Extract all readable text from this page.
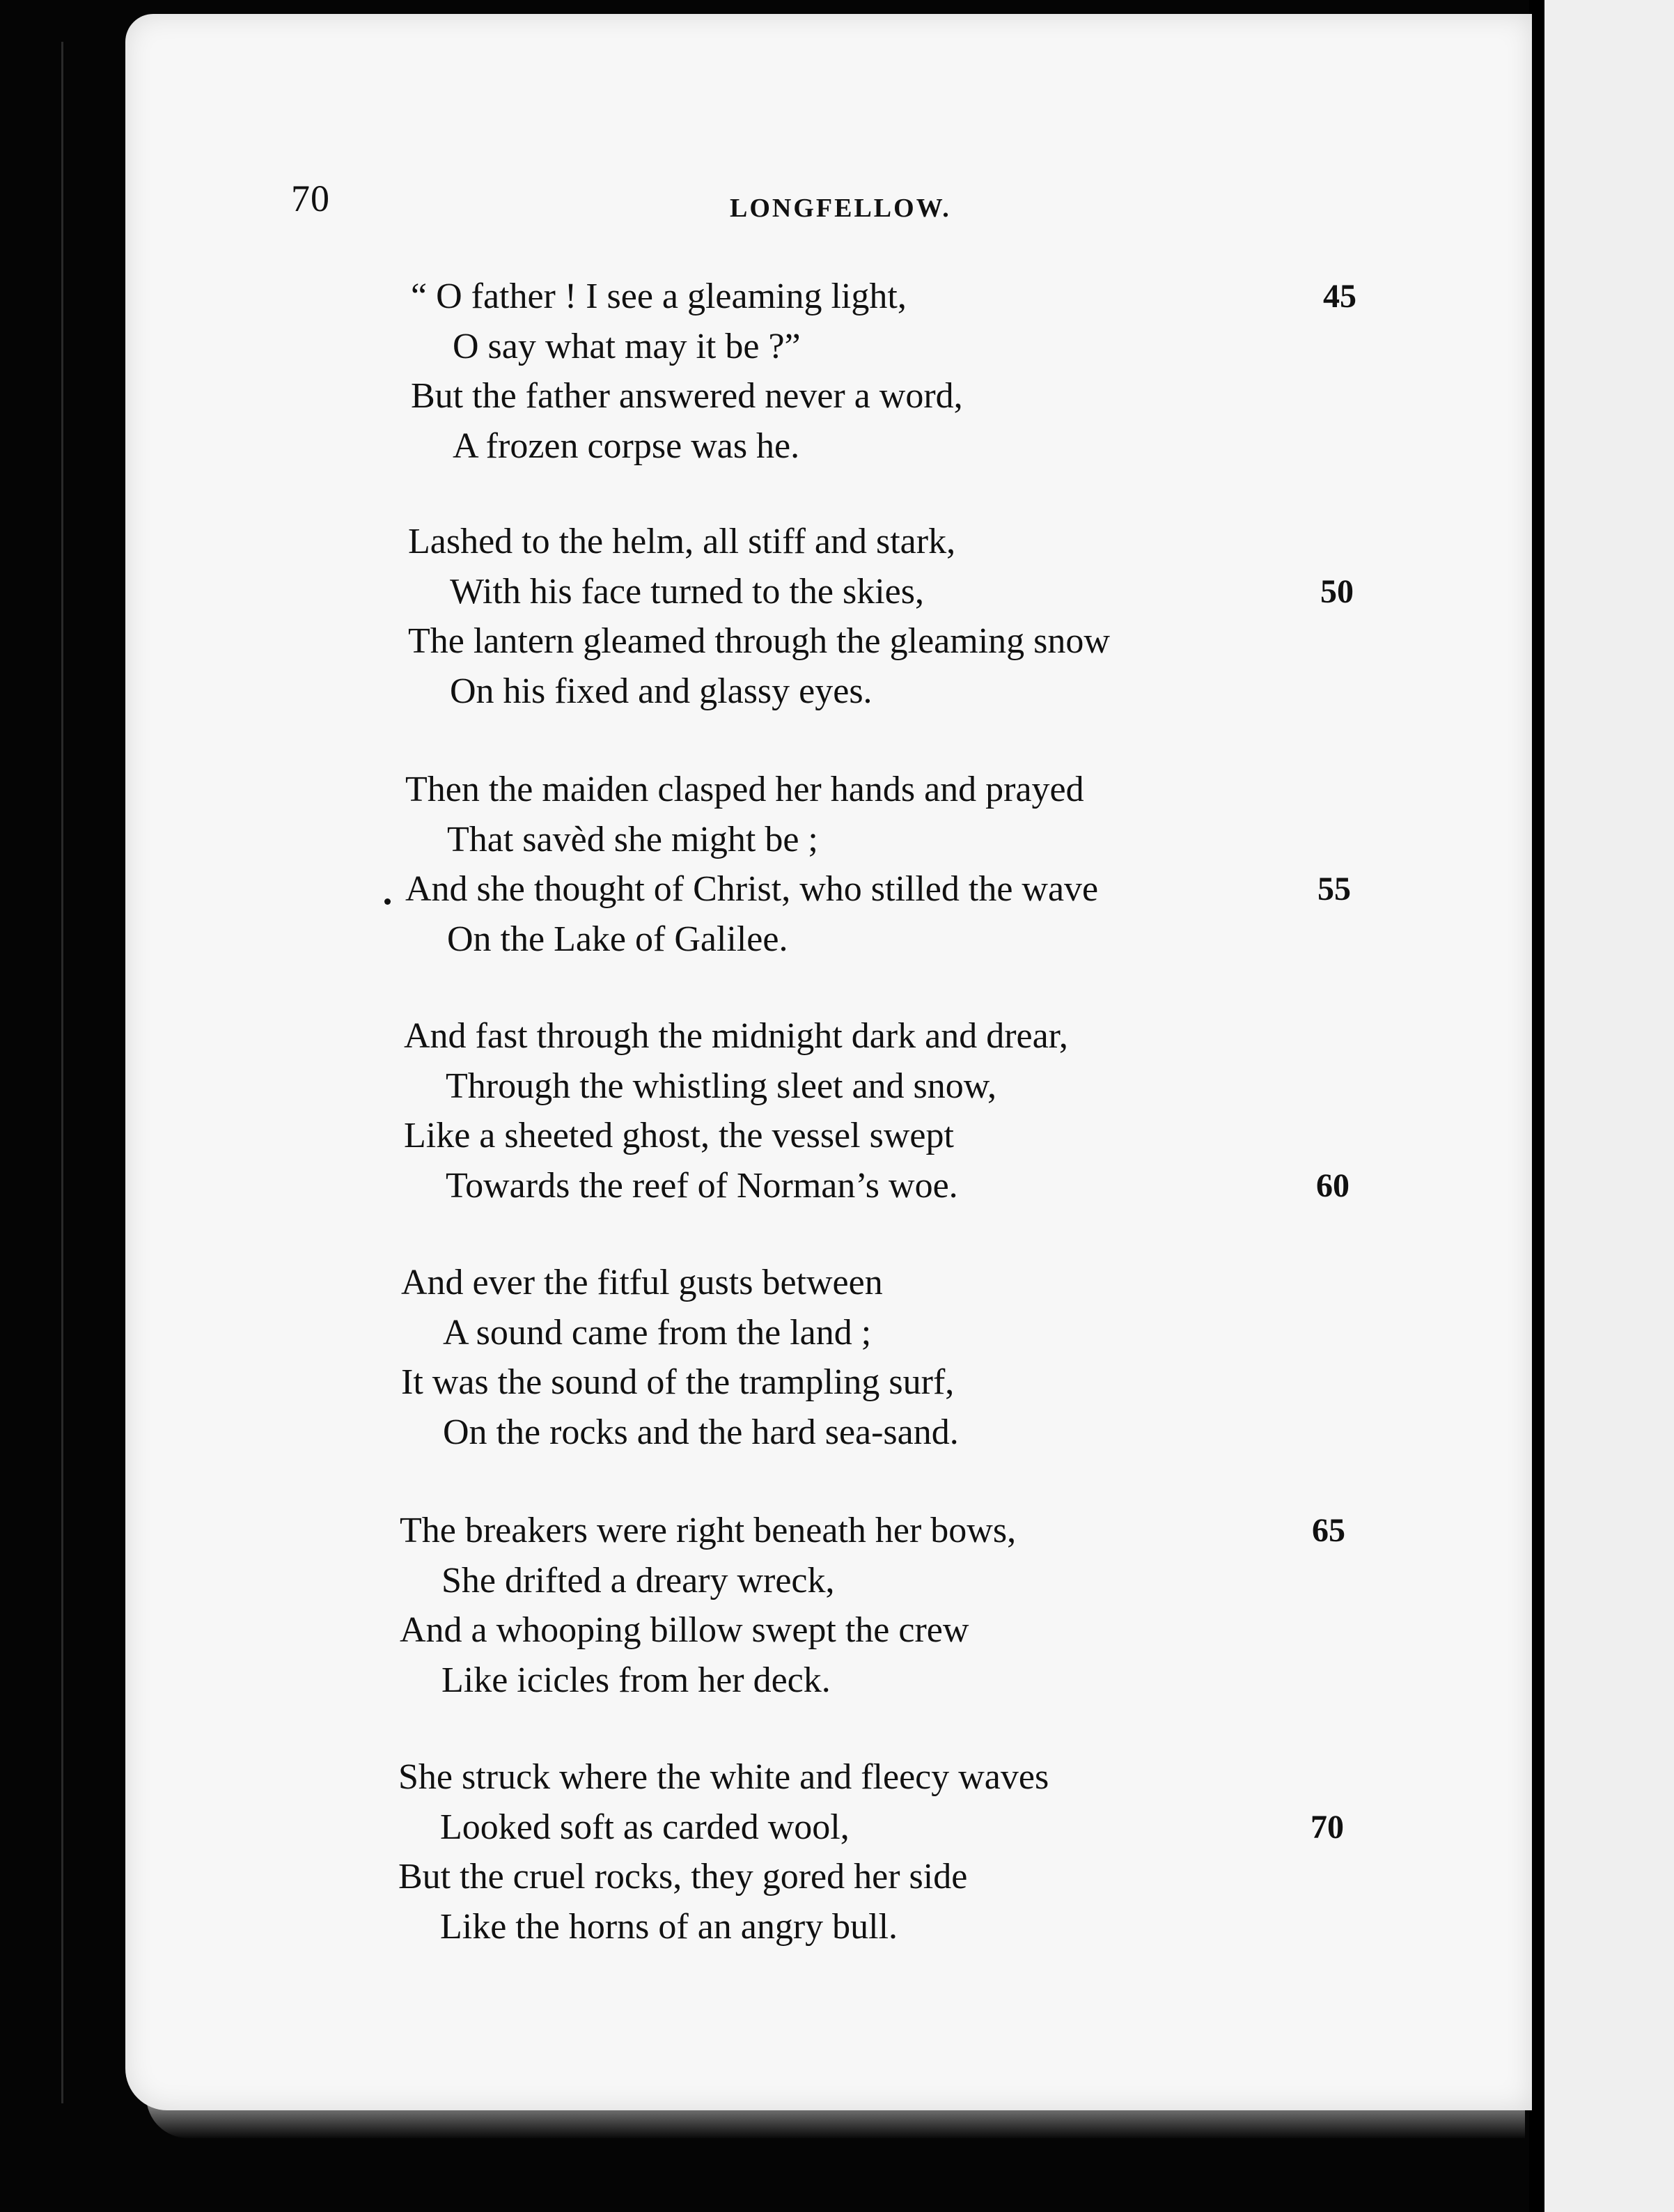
70	LONGFELLOW.
“ O father ! I see a gleaming light,	45
O say what may it be ?”
But the father answered never a word,
A frozen corpse was he.
Lashed to the helm, all stiff and stark,
With his face turned to the skies,	50
The lantern gleamed through the gleaming snow
On his fixed and glassy eyes.
Then the maiden clasped her hands and prayed
That savèd she might be ;
And she thought of Christ, who stilled the wave	55
On the Lake of Galilee.
And fast through the midnight dark and drear,
Through the whistling sleet and snow,
Like a sheeted ghost, the vessel swept
Towards the reef of Norman’s woe.	60
And ever the fitful gusts between
A sound came from the land ;
It was the sound of the trampling surf,
On the rocks and the hard sea-sand.
The breakers were right beneath her bows,	65
She drifted a dreary wreck,
And a whooping billow swept the crew
Like icicles from her deck.
She struck where the white and fleecy waves
Looked soft as carded wool,	70
But the cruel rocks, they gored her side
Like the horns of an angry bull.
